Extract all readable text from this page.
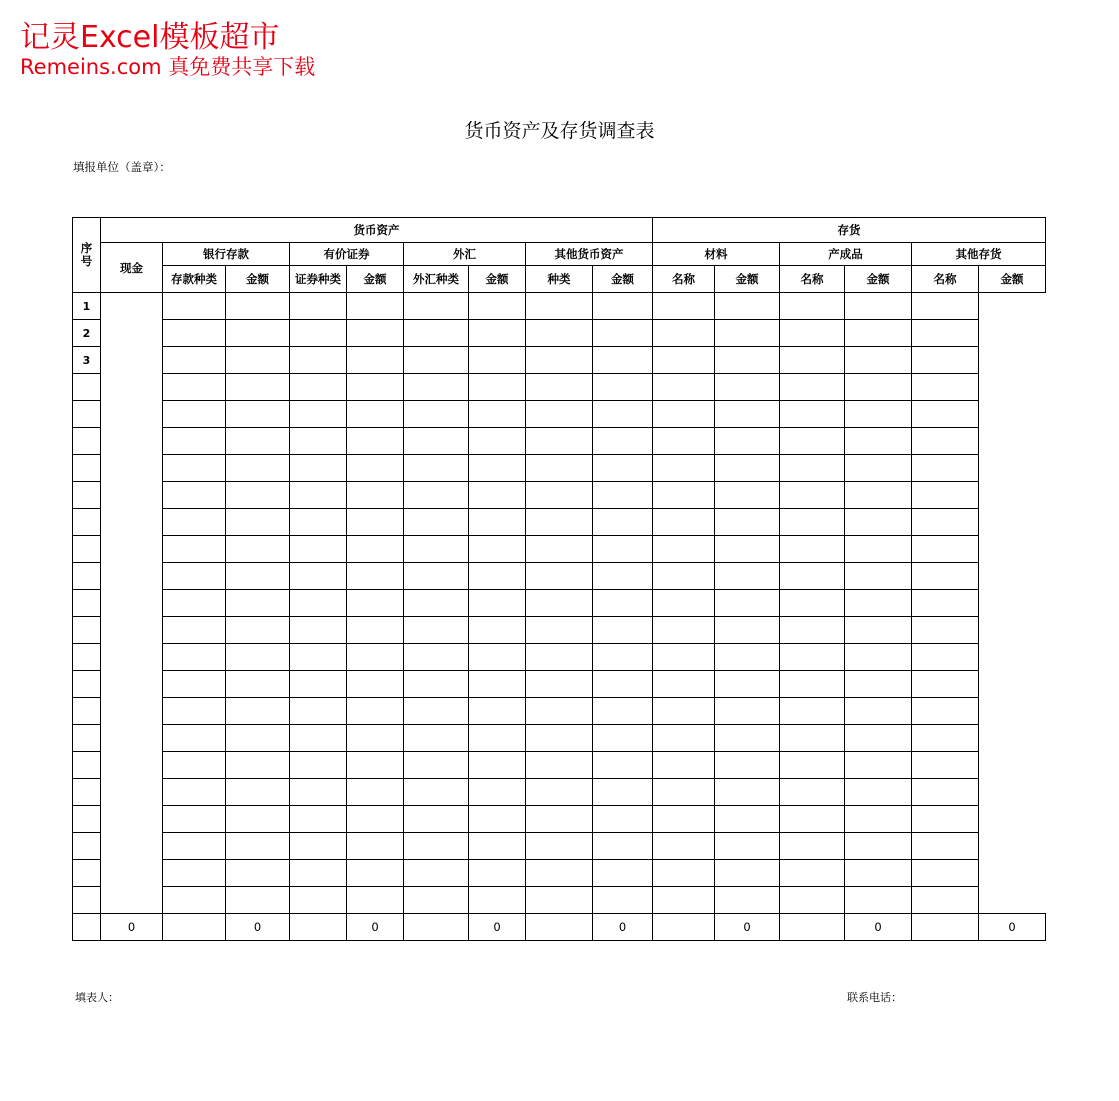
记灵Excel模板超市
Remeins.com 真免费共享下载
货币资产及存货调查表
填报单位（盖章）：
序号	货币资产									存货					
	现金	银行存款		有价证券		外汇		其他货币资产		材料		产成品		其他存货	
		存款种类	金额	证券种类	金额	外汇种类	金额	种类	金额	名称	金额	名称	金额	名称	金额
1															
2															
3															

	0		0		0		0		0		0		0		0
填表人：	联系电话：
